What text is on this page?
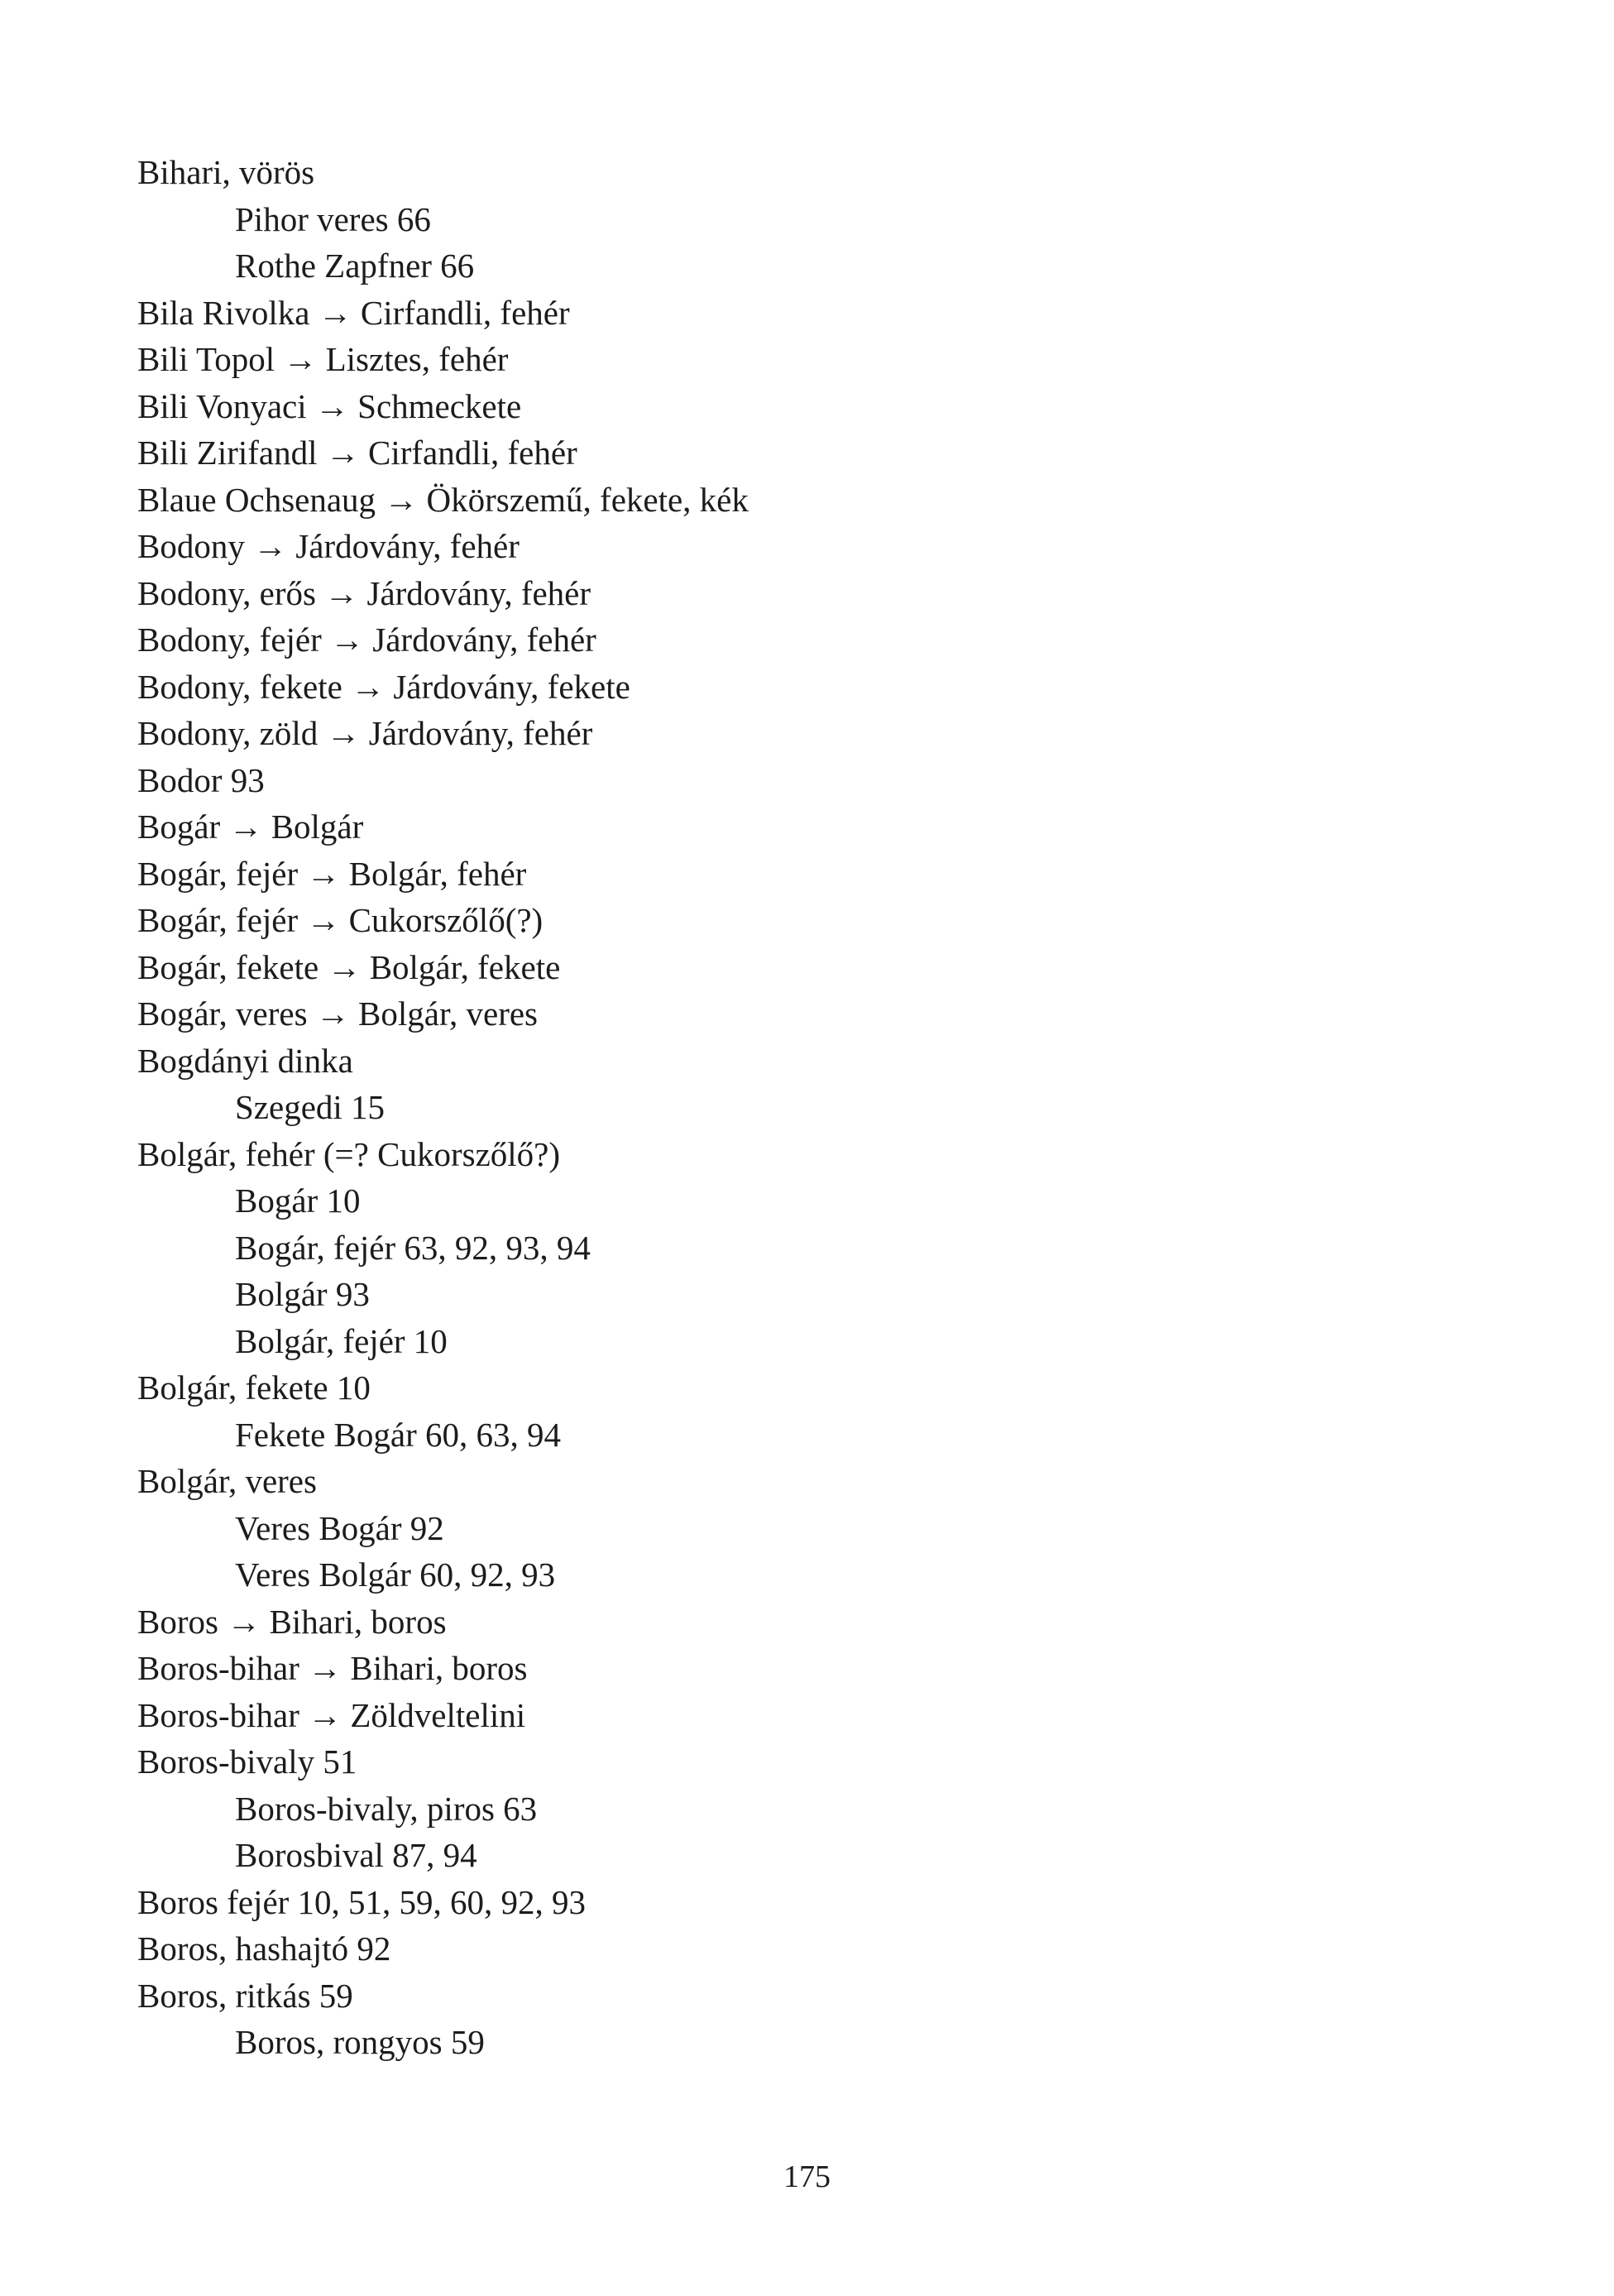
Bihari, vörös
Pihor veres 66
Rothe Zapfner 66
Bila Rivolka → Cirfandli, fehér
Bili Topol → Lisztes, fehér
Bili Vonyaci → Schmeckete
Bili Zirifandl → Cirfandli, fehér
Blaue Ochsenaug → Ökörszemű, fekete, kék
Bodony → Járdovány, fehér
Bodony, erős → Járdovány, fehér
Bodony, fejér → Járdovány, fehér
Bodony, fekete → Járdovány, fekete
Bodony, zöld → Járdovány, fehér
Bodor 93
Bogár → Bolgár
Bogár, fejér → Bolgár, fehér
Bogár, fejér → Cukorszőlő(?)
Bogár, fekete → Bolgár, fekete
Bogár, veres → Bolgár, veres
Bogdányi dinka
Szegedi 15
Bolgár, fehér (=? Cukorszőlő?)
Bogár 10
Bogár, fejér 63, 92, 93, 94
Bolgár 93
Bolgár, fejér 10
Bolgár, fekete 10
Fekete Bogár 60, 63, 94
Bolgár, veres
Veres Bogár 92
Veres Bolgár 60, 92, 93
Boros → Bihari, boros
Boros-bihar → Bihari, boros
Boros-bihar → Zöldveltelini
Boros-bivaly 51
Boros-bivaly, piros 63
Borosbival 87, 94
Boros fejér 10, 51, 59, 60, 92, 93
Boros, hashajtó 92
Boros, ritkás 59
Boros, rongyos 59
175
